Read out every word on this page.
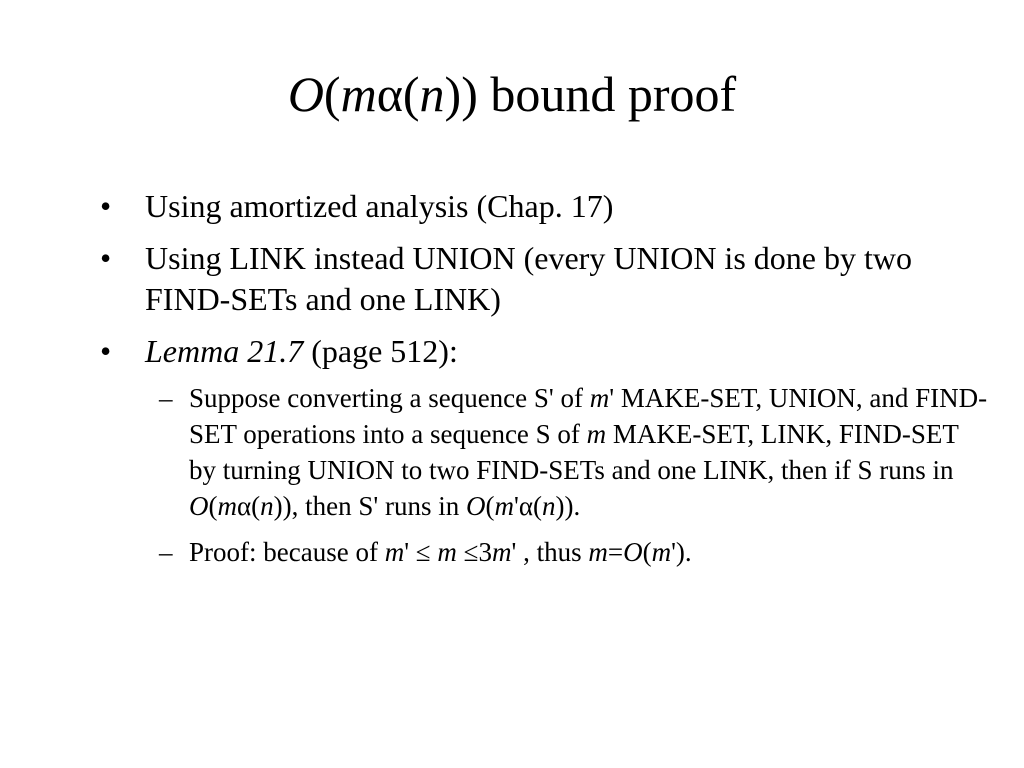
O(mα(n)) bound proof
• Using amortized analysis (Chap. 17)
• Using LINK instead UNION (every UNION is done by two FIND-SETs and one LINK)
• Lemma 21.7 (page 512):
– Suppose converting a sequence S' of m' MAKE-SET, UNION, and FIND-SET operations into a sequence S of m MAKE-SET, LINK, FIND-SET by turning UNION to two FIND-SETs and one LINK, then if S runs in O(mα(n)), then S' runs in O(m'α(n)).
– Proof: because of m' ≤ m ≤3m' , thus m=O(m').
